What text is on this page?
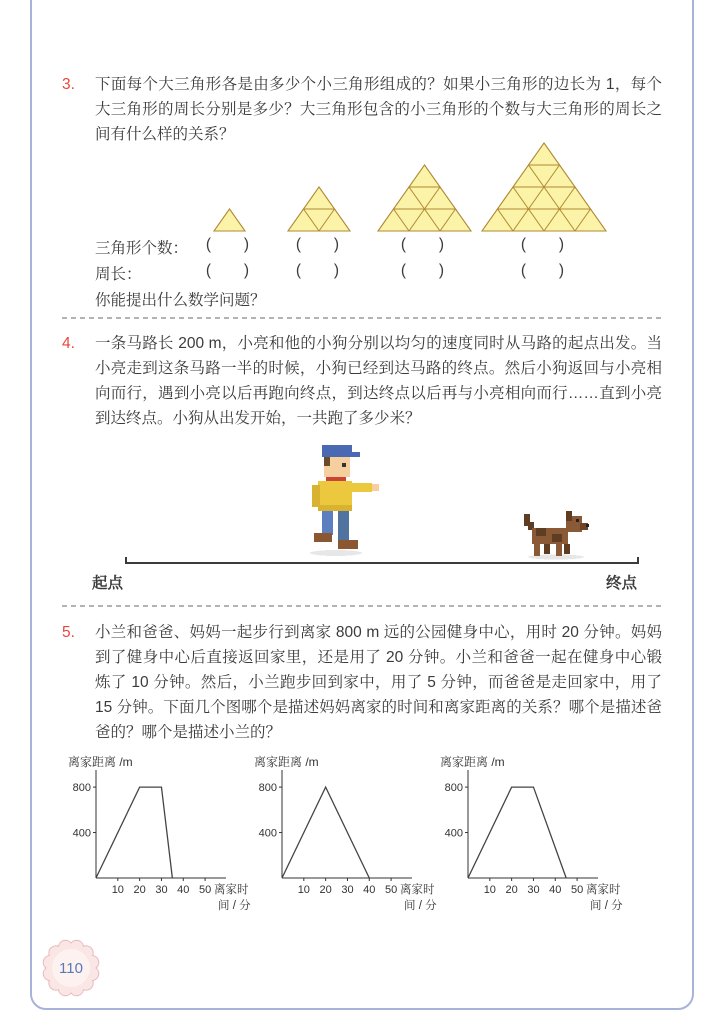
3.	下面每个大三角形各是由多少个小三角形组成的？如果小三角形的边长为 1，每个大三角形的周长分别是多少？大三角形包含的小三角形的个数与大三角形的周长之间有什么样的关系？

三角形个数： (      )	(      )	(      )	(      )
周长：	(      )	(      )	(      )	(      )
你能提出什么数学问题？
4.	一条马路长 200 m，小亮和他的小狗分别以均匀的速度同时从马路的起点出发。当小亮走到这条马路一半的时候，小狗已经到达马路的终点。然后小狗返回与小亮相向而行，遇到小亮以后再跑向终点，到达终点以后再与小亮相向而行……直到小亮到达终点。小狗从出发开始，一共跑了多少米？

起点	终点
5.	小兰和爸爸、妈妈一起步行到离家 800 m 远的公园健身中心，用时 20 分钟。妈妈到了健身中心后直接返回家里，还是用了 20 分钟。小兰和爸爸一起在健身中心锻炼了 10 分钟。然后，小兰跑步回到家中，用了 5 分钟，而爸爸是走回家中，用了 15 分钟。下面几个图哪个是描述妈妈离家的时间和离家距离的关系？哪个是描述爸爸的？哪个是描述小兰的？

离家距离 /m
400
800
10 20 30 40 50 离家时
间 / 分
离家距离 /m
400
800
10 20 30 40 50 离家时
间 / 分
离家距离 /m
400
800
10 20 30 40 50 离家时
间 / 分
110
